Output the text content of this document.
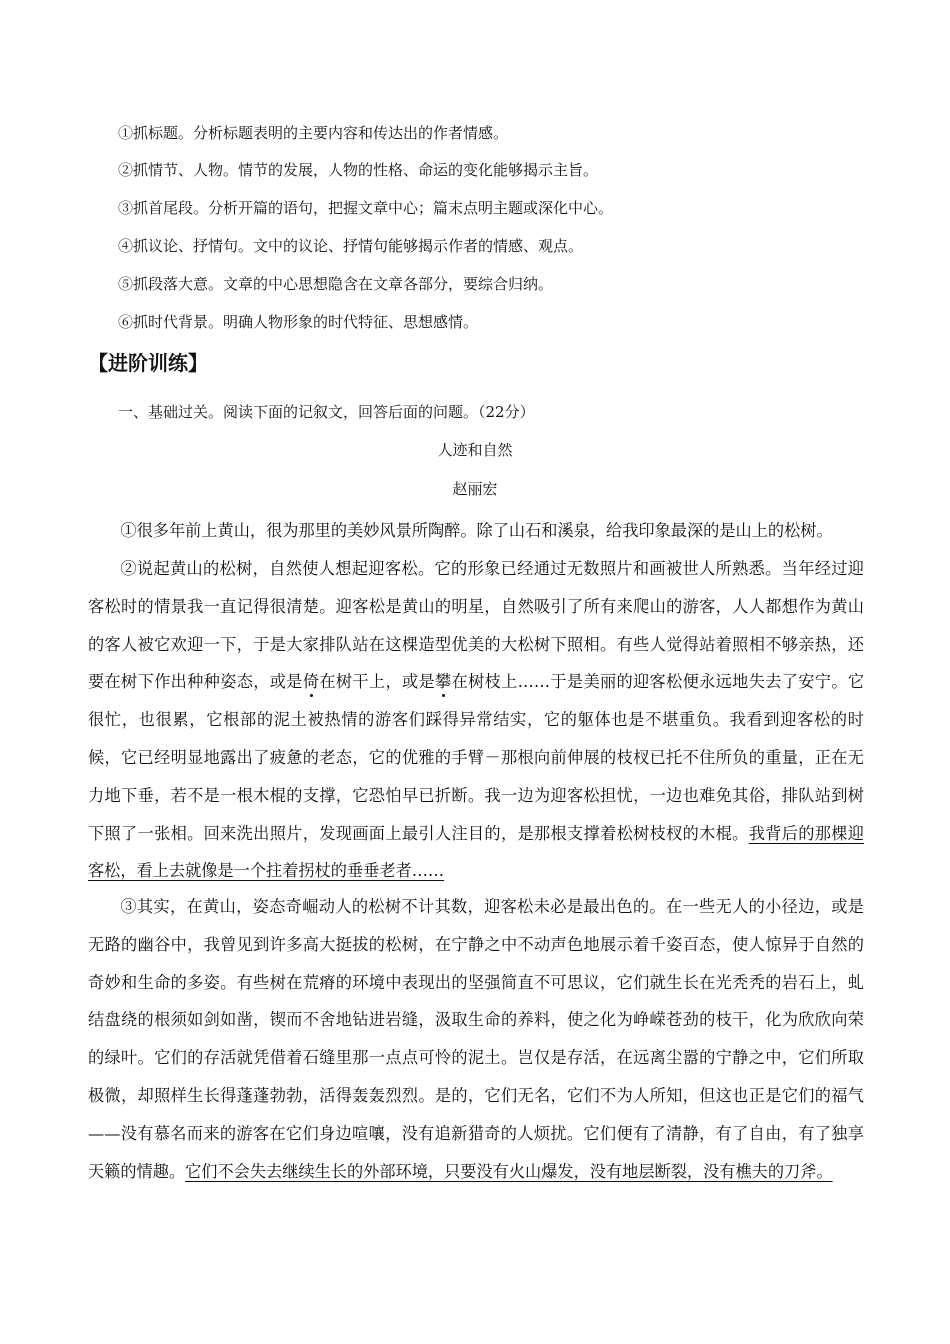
①抓标题。分析标题表明的主要内容和传达出的作者情感。
②抓情节、人物。情节的发展，人物的性格、命运的变化能够揭示主旨。
③抓首尾段。分析开篇的语句，把握文章中心；篇末点明主题或深化中心。
④抓议论、抒情句。文中的议论、抒情句能够揭示作者的情感、观点。
⑤抓段落大意。文章的中心思想隐含在文章各部分，要综合归纳。
⑥抓时代背景。明确人物形象的时代特征、思想感情。
【进阶训练】
一、基础过关。阅读下面的记叙文，回答后面的问题。（22分）
人迹和自然
赵丽宏

①很多年前上黄山，很为那里的美妙风景所陶醉。除了山石和溪泉，给我印象最深的是山上的松树。

②说起黄山的松树，自然使人想起迎客松。它的形象已经通过无数照片和画被世人所熟悉。当年经过迎客松时的情景我一直记得很清楚。迎客松是黄山的明星，自然吸引了所有来爬山的游客，人人都想作为黄山的客人被它欢迎一下，于是大家排队站在这棵造型优美的大松树下照相。有些人觉得站着照相不够亲热，还要在树下作出种种姿态，或是倚在树干上，或是攀在树枝上……于是美丽的迎客松便永远地失去了安宁。它很忙，也很累，它根部的泥土被热情的游客们踩得异常结实，它的躯体也是不堪重负。我看到迎客松的时候，它已经明显地露出了疲惫的老态，它的优雅的手臂－那根向前伸展的枝杈已托不住所负的重量，正在无力地下垂，若不是一根木棍的支撑，它恐怕早已折断。我一边为迎客松担忧，一边也难免其俗，排队站到树下照了一张相。回来洗出照片，发现画面上最引人注目的，是那根支撑着松树枝杈的木棍。我背后的那棵迎客松，看上去就像是一个拄着拐杖的垂垂老者……

③其实，在黄山，姿态奇崛动人的松树不计其数，迎客松未必是最出色的。在一些无人的小径边，或是无路的幽谷中，我曾见到许多高大挺拔的松树，在宁静之中不动声色地展示着千姿百态，使人惊异于自然的奇妙和生命的多姿。有些树在荒瘠的环境中表现出的坚强简直不可思议，它们就生长在光秃秃的岩石上，虬结盘绕的根须如剑如凿，锲而不舍地钻进岩缝，汲取生命的养料，使之化为峥嵘苍劲的枝干，化为欣欣向荣的绿叶。它们的存活就凭借着石缝里那一点点可怜的泥土。岂仅是存活，在远离尘嚣的宁静之中，它们所取极微，却照样生长得蓬蓬勃勃，活得轰轰烈烈。是的，它们无名，它们不为人所知，但这也正是它们的福气——没有慕名而来的游客在它们身边喧嚷，没有追新猎奇的人烦扰。它们便有了清静，有了自由，有了独享天籁的情趣。它们不会失去继续生长的外部环境，只要没有火山爆发，没有地层断裂，没有樵夫的刀斧。
